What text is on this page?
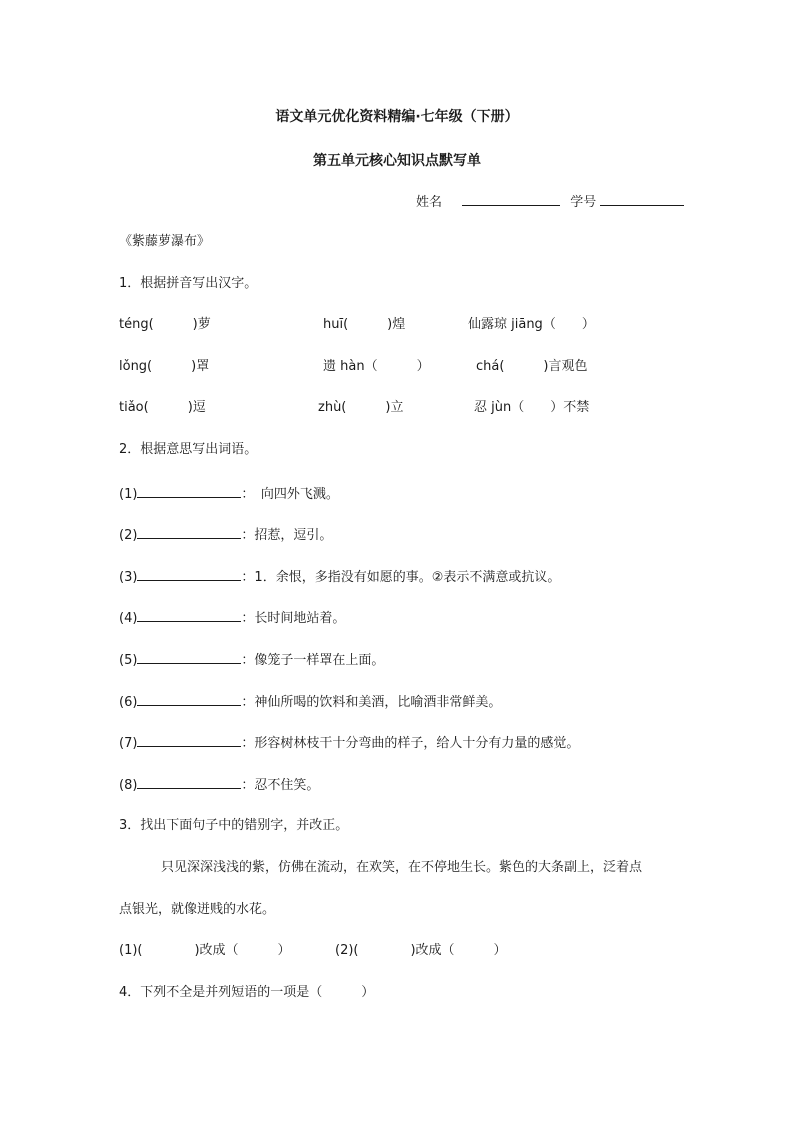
语文单元优化资料精编·七年级（下册）
第五单元核心知识点默写单
姓名	学号
《紫藤萝瀑布》
1．根据拼音写出汉字。
téng(　　　)萝	huī(　　　)煌	仙露琼 jiāng（　　）
lǒng(　　　)罩	遗 hàn（　　　）	chá(　　　)言观色
tiǎo(　　　)逗	zhù(　　　)立	忍 jùn（　　）不禁
2．根据意思写出词语。
(1)	：　向四外飞溅。
(2)	：招惹，逗引。
(3)	：1．余恨，多指没有如愿的事。②表示不满意或抗议。
(4)	：长时间地站着。
(5)	：像笼子一样罩在上面。
(6)	：神仙所喝的饮料和美酒，比喻酒非常鲜美。
(7)	：形容树林枝干十分弯曲的样子，给人十分有力量的感觉。
(8)	：忍不住笑。
3．找出下面句子中的错别字，并改正。
只见深深浅浅的紫，仿佛在流动，在欢笑，在不停地生长。紫色的大条副上，泛着点
点银光，就像迸贱的水花。
(1)(　　　　)改成（　　　）	(2)(　　　　)改成（　　　）
4．下列不全是并列短语的一项是（　　　）
